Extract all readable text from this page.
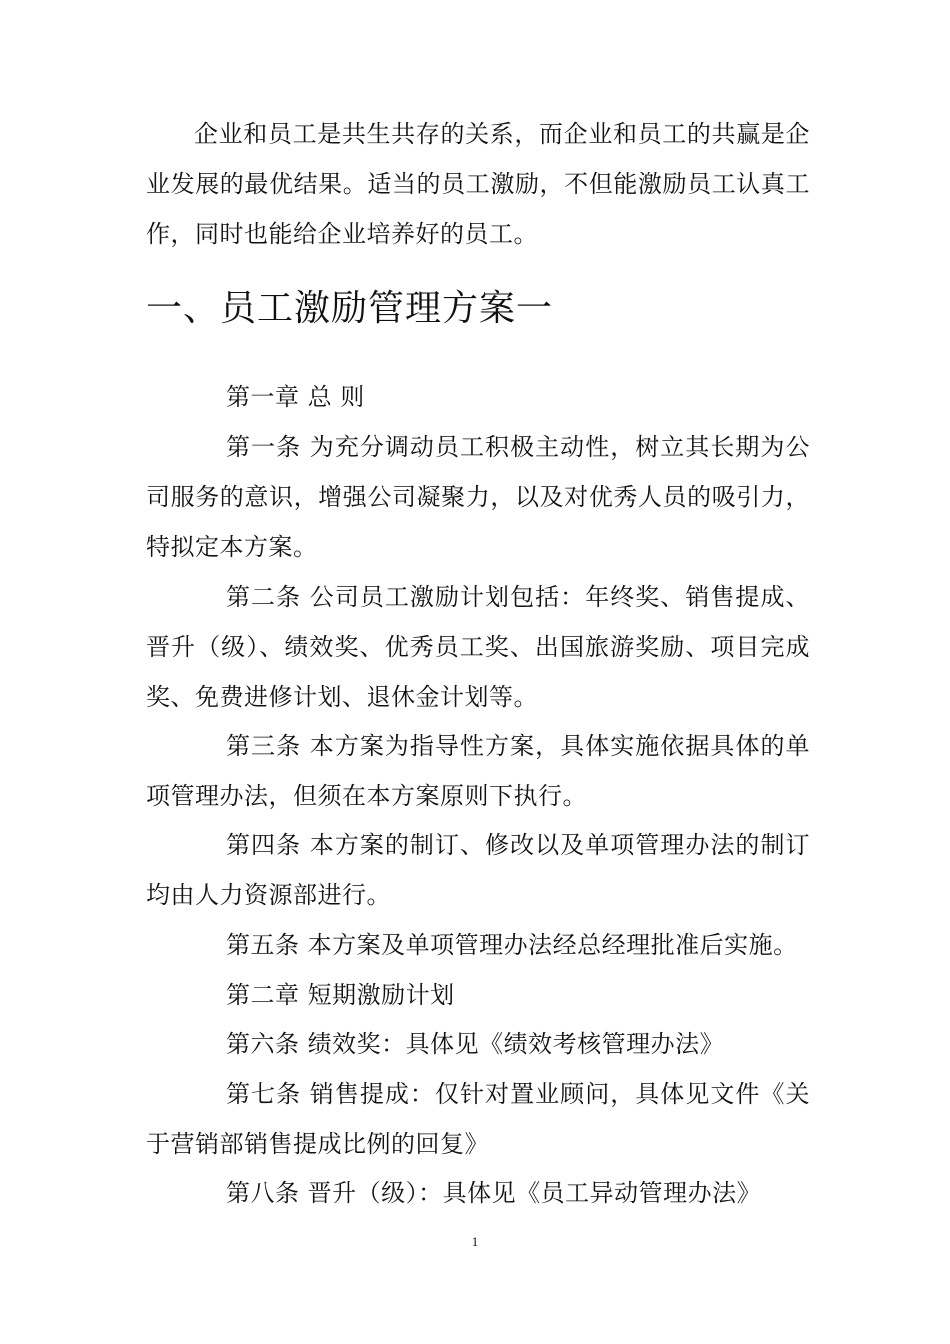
企业和员工是共生共存的关系，而企业和员工的共赢是企业发展的最优结果。适当的员工激励，不但能激励员工认真工作，同时也能给企业培养好的员工。

一、员工激励管理方案一

第一章 总 则

第一条 为充分调动员工积极主动性，树立其长期为公司服务的意识，增强公司凝聚力，以及对优秀人员的吸引力，特拟定本方案。

第二条 公司员工激励计划包括：年终奖、销售提成、晋升（级）、绩效奖、优秀员工奖、出国旅游奖励、项目完成奖、免费进修计划、退休金计划等。

第三条 本方案为指导性方案，具体实施依据具体的单项管理办法，但须在本方案原则下执行。

第四条 本方案的制订、修改以及单项管理办法的制订均由人力资源部进行。

第五条 本方案及单项管理办法经总经理批准后实施。

第二章 短期激励计划

第六条 绩效奖：具体见《绩效考核管理办法》

第七条 销售提成：仅针对置业顾问，具体见文件《关于营销部销售提成比例的回复》

第八条 晋升（级）：具体见《员工异动管理办法》

1
